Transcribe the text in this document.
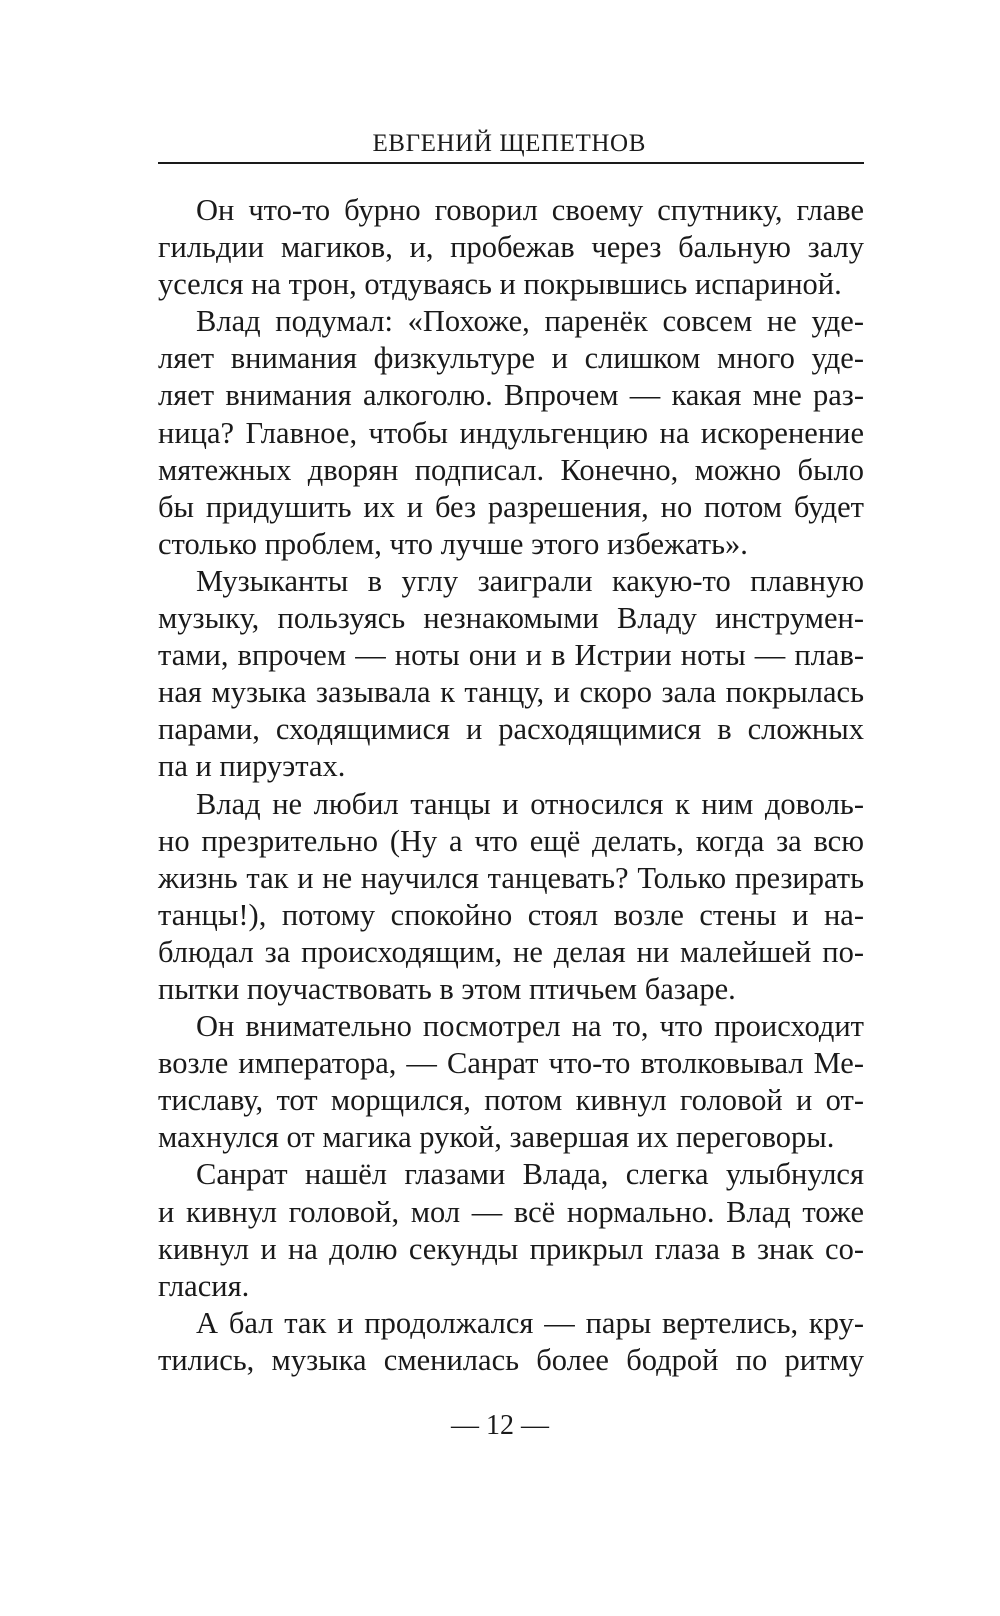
ЕВГЕНИЙ ЩЕПЕТНОВ
Он что-то бурно говорил своему спутнику, главе
гильдии магиков, и, пробежав через бальную залу
уселся на трон, отдуваясь и покрывшись испариной.
Влад подумал: «Похоже, паренёк совсем не уде-
ляет внимания физкультуре и слишком много уде-
ляет внимания алкоголю. Впрочем — какая мне раз-
ница? Главное, чтобы индульгенцию на искоренение
мятежных дворян подписал. Конечно, можно было
бы придушить их и без разрешения, но потом будет
столько проблем, что лучше этого избежать».
Музыканты в углу заиграли какую-то плавную
музыку, пользуясь незнакомыми Владу инструмен-
тами, впрочем — ноты они и в Истрии ноты — плав-
ная музыка зазывала к танцу, и скоро зала покрылась
парами, сходящимися и расходящимися в сложных
па и пируэтах.
Влад не любил танцы и относился к ним доволь-
но презрительно (Ну а что ещё делать, когда за всю
жизнь так и не научился танцевать? Только презирать
танцы!), потому спокойно стоял возле стены и на-
блюдал за происходящим, не делая ни малейшей по-
пытки поучаствовать в этом птичьем базаре.
Он внимательно посмотрел на то, что происходит
возле императора, — Санрат что-то втолковывал Ме-
тиславу, тот морщился, потом кивнул головой и от-
махнулся от магика рукой, завершая их переговоры.
Санрат нашёл глазами Влада, слегка улыбнулся
и кивнул головой, мол — всё нормально. Влад тоже
кивнул и на долю секунды прикрыл глаза в знак со-
гласия.
А бал так и продолжался — пары вертелись, кру-
тились, музыка сменилась более бодрой по ритму
— 12 —
